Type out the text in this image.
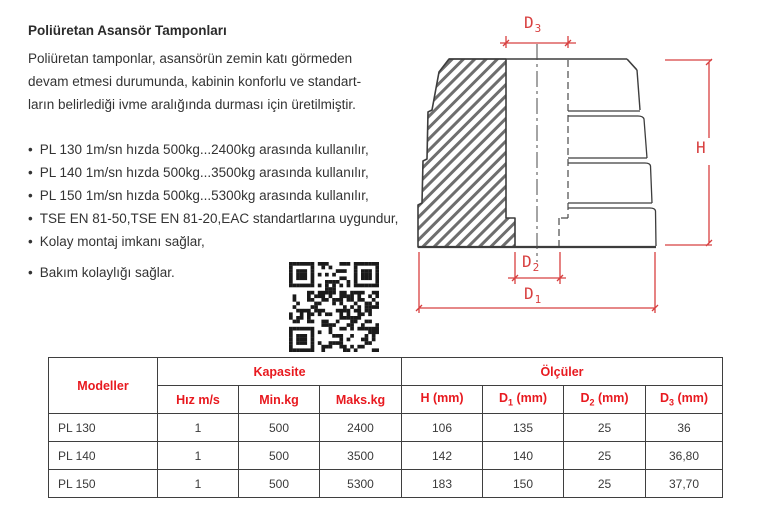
Poliüretan Asansör Tamponları

Poliüretan tamponlar, asansörün zemin katı görmeden
devam etmesi durumunda, kabinin konforlu ve standart-
ların belirlediği ivme aralığında durması için üretilmiştir.

• PL 130 1m/sn hızda 500kg...2400kg arasında kullanılır,
• PL 140 1m/sn hızda 500kg...3500kg arasında kullanılır,
• PL 150 1m/sn hızda 500kg...5300kg arasında kullanılır,
• TSE EN 81-50,TSE EN 81-20,EAC standartlarına uygundur,
• Kolay montaj imkanı sağlar,
• Bakım kolaylığı sağlar.
$D_3$
H
$D_2$
$D_1$
Modeller	Kapasite			Ölçüler			
	Hız m/s	Min.kg	Maks.kg	H (mm)	$D_1$ (mm)	$D_2$ (mm)	$D_3$ (mm)
PL 130	1	500	2400	106	135	25	36
PL 140	1	500	3500	142	140	25	36,80
PL 150	1	500	5300	183	150	25	37,70
